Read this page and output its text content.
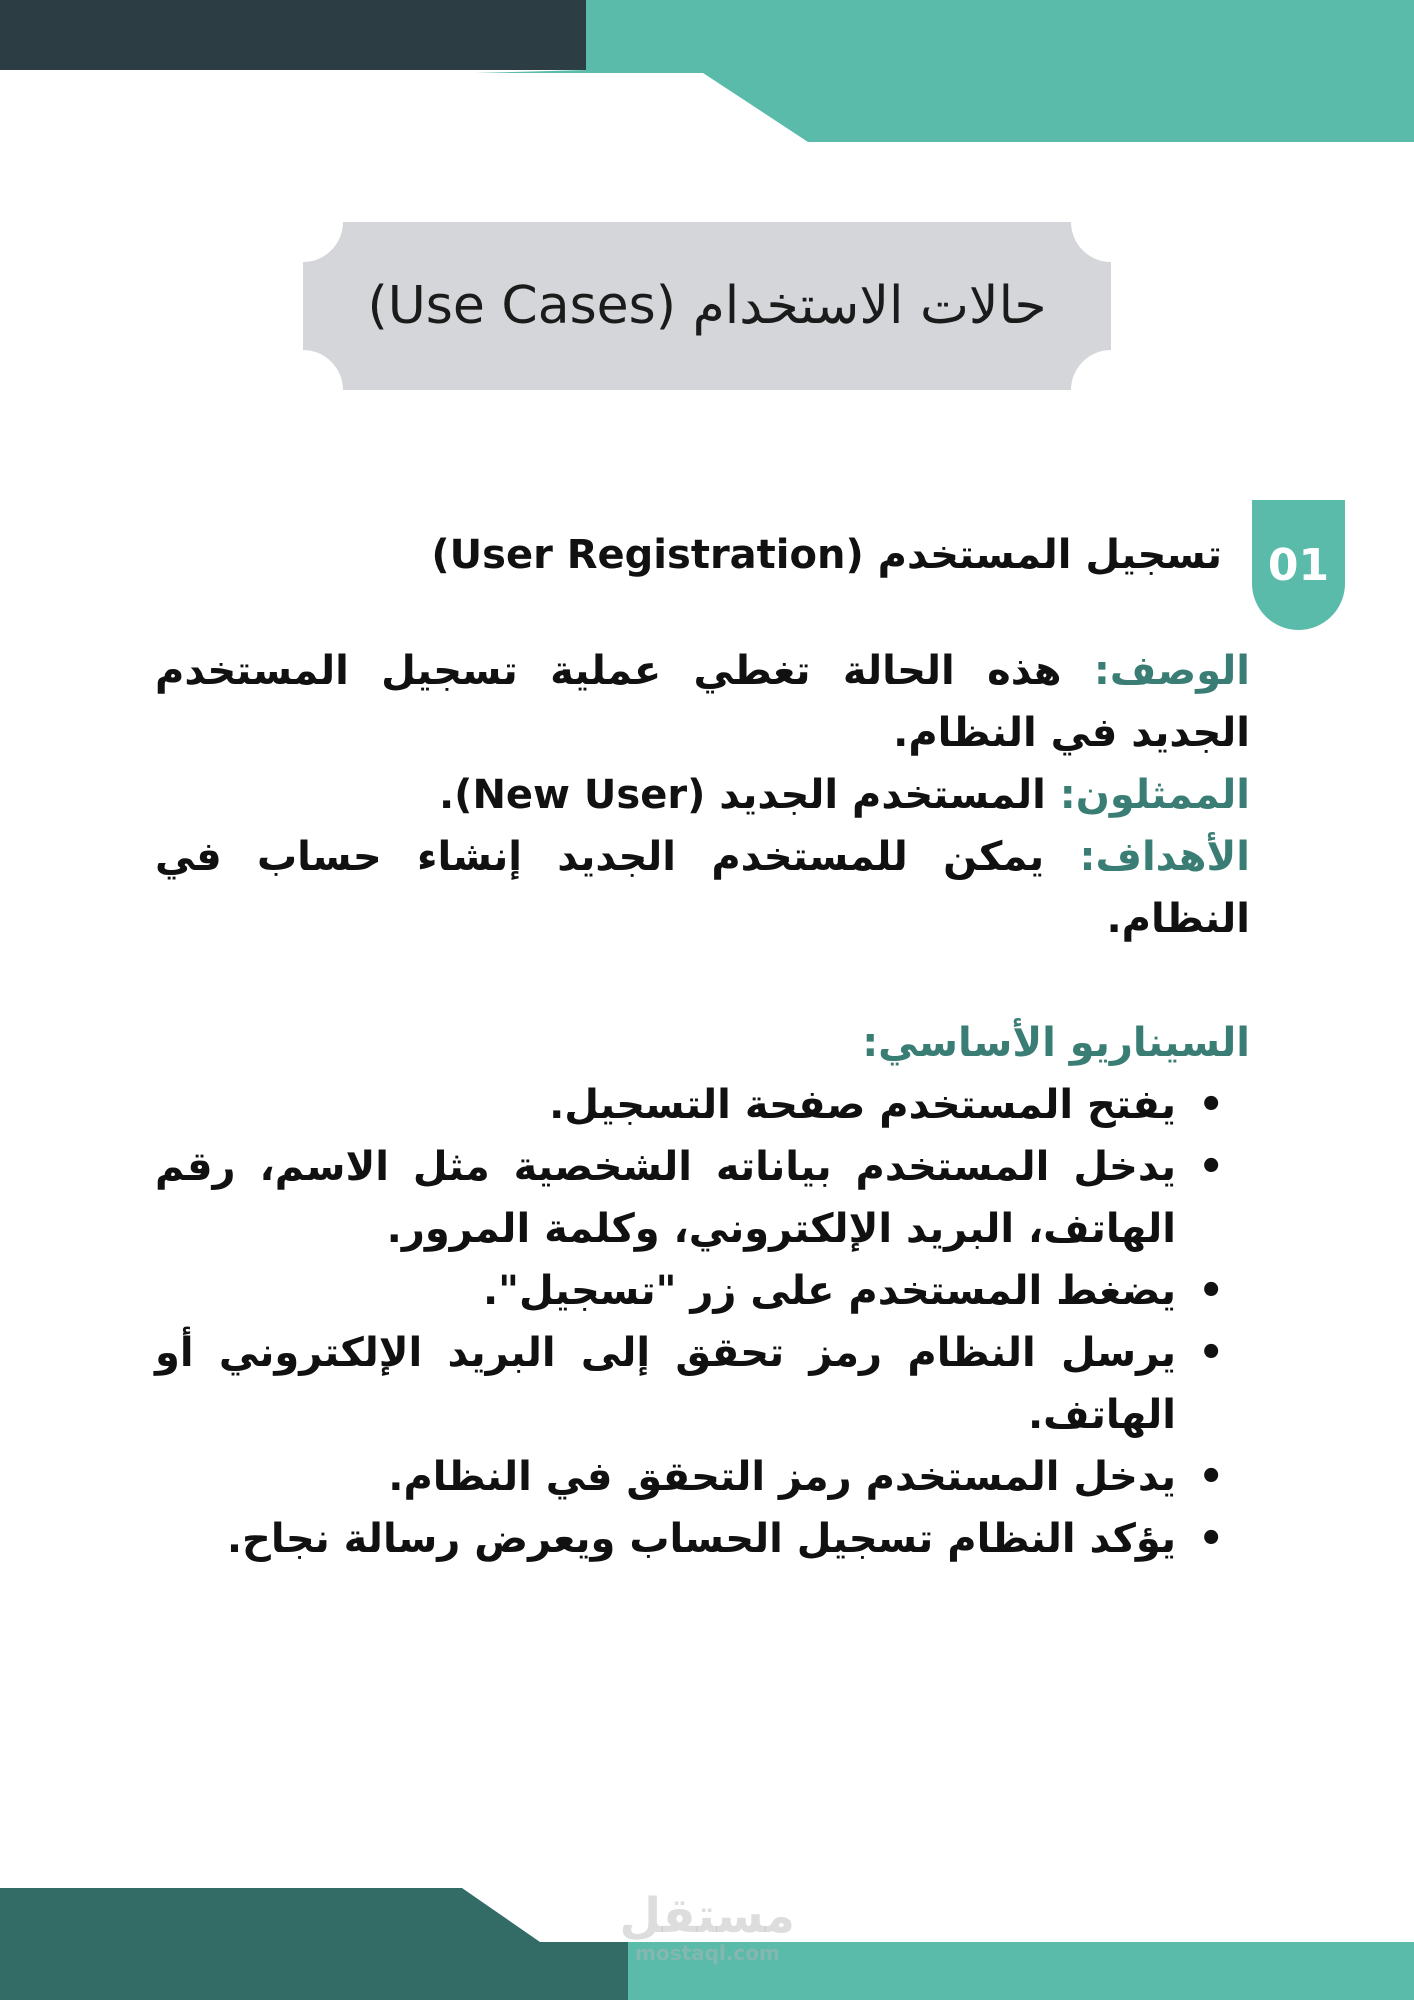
حالات الاستخدام (Use Cases)
01
تسجيل المستخدم (User Registration)

الوصف: هذه الحالة تغطي عملية تسجيل المستخدم الجديد في النظام.

الممثلون: المستخدم الجديد (New User).

الأهداف: يمكن للمستخدم الجديد إنشاء حساب في النظام.

السيناريو الأساسي:

• يفتح المستخدم صفحة التسجيل.
• يدخل المستخدم بياناته الشخصية مثل الاسم، رقم الهاتف، البريد الإلكتروني، وكلمة المرور.
• يضغط المستخدم على زر "تسجيل".
• يرسل النظام رمز تحقق إلى البريد الإلكتروني أو الهاتف.
• يدخل المستخدم رمز التحقق في النظام.
• يؤكد النظام تسجيل الحساب ويعرض رسالة نجاح.
مستقل
mostaql.com
